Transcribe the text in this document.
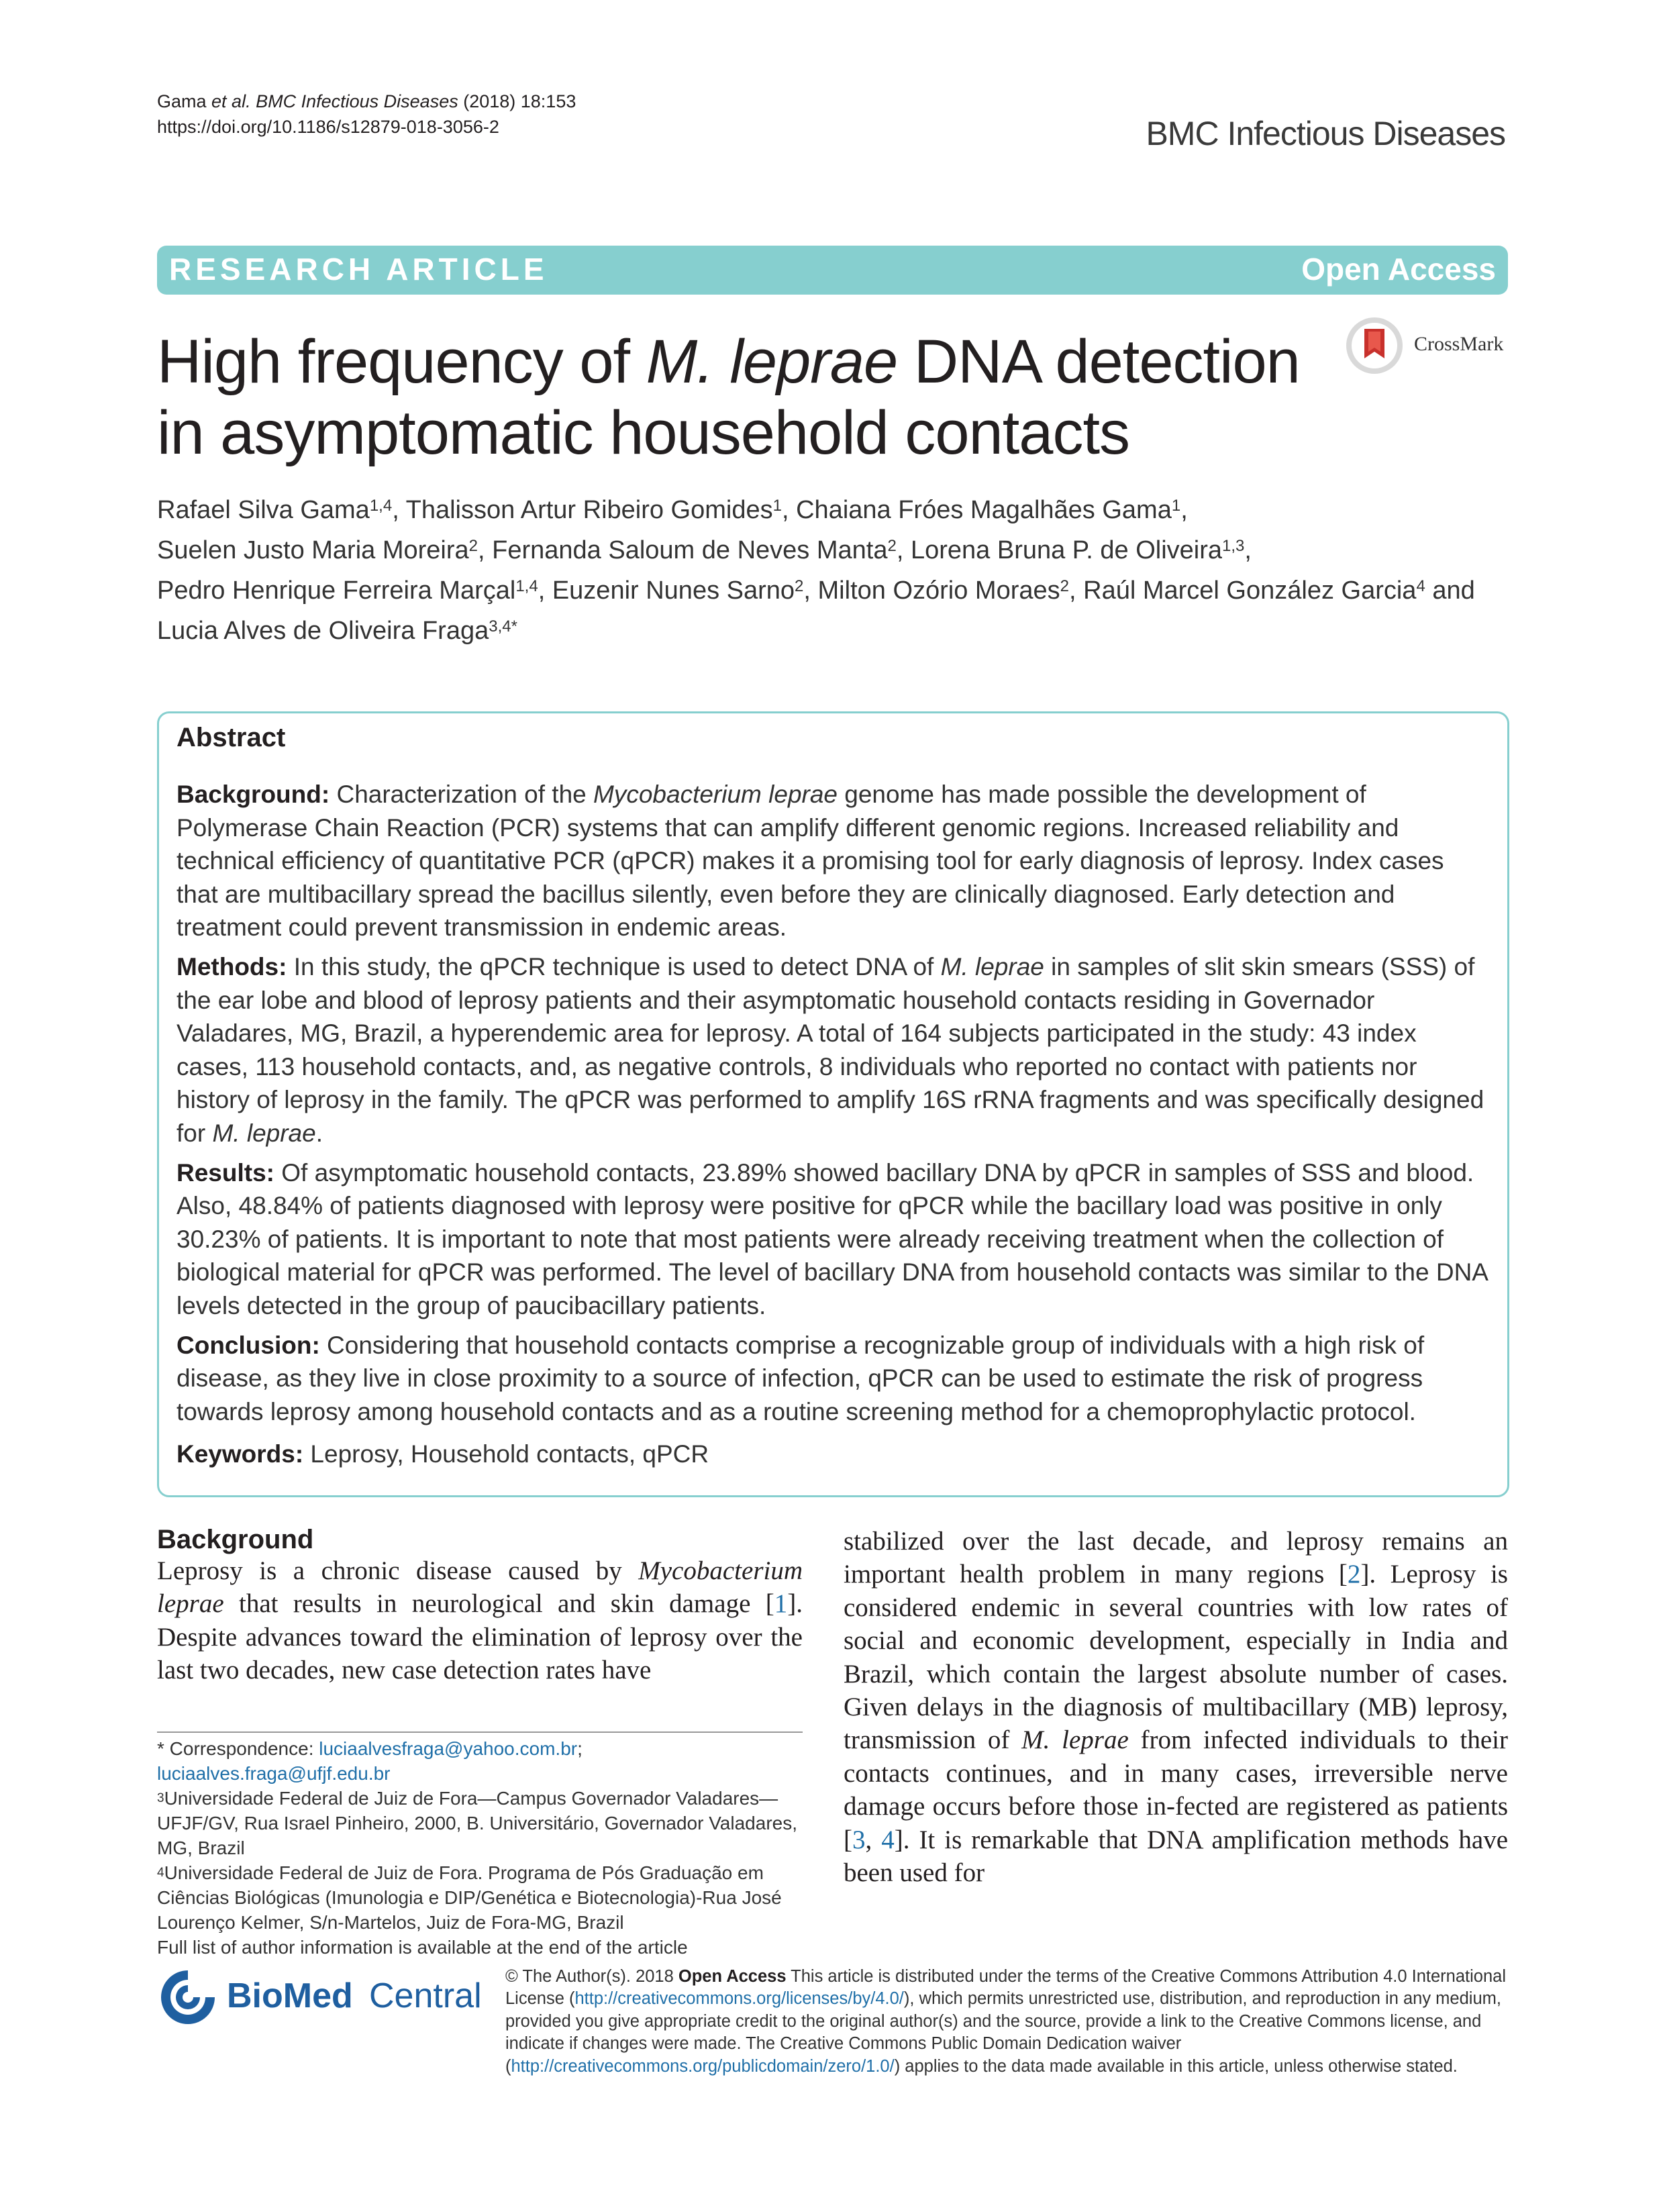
Gama et al. BMC Infectious Diseases (2018) 18:153
https://doi.org/10.1186/s12879-018-3056-2	BMC Infectious Diseases
RESEARCH ARTICLE	Open Access
High frequency of M. leprae DNA detection in asymptomatic household contacts
CrossMark
Rafael Silva Gama$^{1,4}$, Thalisson Artur Ribeiro Gomides$^1$, Chaiana Fróes Magalhães Gama$^1$,
Suelen Justo Maria Moreira$^2$, Fernanda Saloum de Neves Manta$^2$, Lorena Bruna P. de Oliveira$^{1,3}$,
Pedro Henrique Ferreira Marçal$^{1,4}$, Euzenir Nunes Sarno$^2$, Milton Ozório Moraes$^2$, Raúl Marcel González Garcia$^4$ and
Lucia Alves de Oliveira Fraga$^{3,4*}$
Abstract

Background: Characterization of the Mycobacterium leprae genome has made possible the development of Polymerase Chain Reaction (PCR) systems that can amplify different genomic regions. Increased reliability and technical efficiency of quantitative PCR (qPCR) makes it a promising tool for early diagnosis of leprosy. Index cases that are multibacillary spread the bacillus silently, even before they are clinically diagnosed. Early detection and treatment could prevent transmission in endemic areas.

Methods: In this study, the qPCR technique is used to detect DNA of M. leprae in samples of slit skin smears (SSS) of the ear lobe and blood of leprosy patients and their asymptomatic household contacts residing in Governador Valadares, MG, Brazil, a hyperendemic area for leprosy. A total of 164 subjects participated in the study: 43 index cases, 113 household contacts, and, as negative controls, 8 individuals who reported no contact with patients nor history of leprosy in the family. The qPCR was performed to amplify 16S rRNA fragments and was specifically designed for M. leprae.

Results: Of asymptomatic household contacts, 23.89% showed bacillary DNA by qPCR in samples of SSS and blood. Also, 48.84% of patients diagnosed with leprosy were positive for qPCR while the bacillary load was positive in only 30.23% of patients. It is important to note that most patients were already receiving treatment when the collection of biological material for qPCR was performed. The level of bacillary DNA from household contacts was similar to the DNA levels detected in the group of paucibacillary patients.

Conclusion: Considering that household contacts comprise a recognizable group of individuals with a high risk of disease, as they live in close proximity to a source of infection, qPCR can be used to estimate the risk of progress towards leprosy among household contacts and as a routine screening method for a chemoprophylactic protocol.

Keywords: Leprosy, Household contacts, qPCR

Background
Leprosy is a chronic disease caused by Mycobacterium leprae that results in neurological and skin damage [1]. Despite advances toward the elimination of leprosy over the last two decades, new case detection rates have
stabilized over the last decade, and leprosy remains an important health problem in many regions [2]. Leprosy is considered endemic in several countries with low rates of social and economic development, especially in India and Brazil, which contain the largest absolute number of cases. Given delays in the diagnosis of multibacillary (MB) leprosy, transmission of M. leprae from infected individuals to their contacts continues, and in many cases, irreversible nerve damage occurs before those in-fected are registered as patients [3, 4]. It is remarkable that DNA amplification methods have been used for
* Correspondence: luciaalvesfraga@yahoo.com.br; luciaalves.fraga@ufjf.edu.br
$^3$Universidade Federal de Juiz de Fora—Campus Governador Valadares—UFJF/GV, Rua Israel Pinheiro, 2000, B. Universitário, Governador Valadares, MG, Brazil
$^4$Universidade Federal de Juiz de Fora. Programa de Pós Graduação em Ciências Biológicas (Imunologia e DIP/Genética e Biotecnologia)-Rua José Lourenço Kelmer, S/n-Martelos, Juiz de Fora-MG, Brazil
Full list of author information is available at the end of the article
BioMed Central © The Author(s). 2018 Open Access This article is distributed under the terms of the Creative Commons Attribution 4.0 International License (http://creativecommons.org/licenses/by/4.0/), which permits unrestricted use, distribution, and reproduction in any medium, provided you give appropriate credit to the original author(s) and the source, provide a link to the Creative Commons license, and indicate if changes were made. The Creative Commons Public Domain Dedication waiver (http://creativecommons.org/publicdomain/zero/1.0/) applies to the data made available in this article, unless otherwise stated.
